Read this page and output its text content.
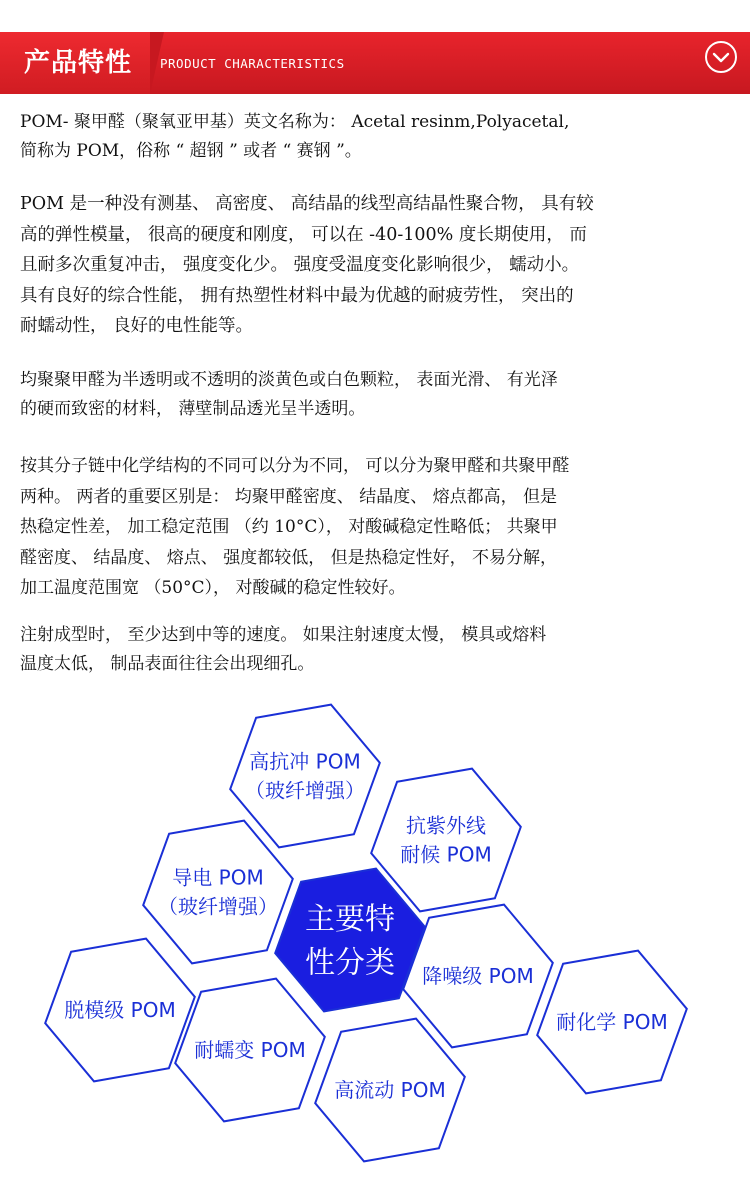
产品特性 PRODUCT CHARACTERISTICS
POM- 聚甲醛（聚氧亚甲基）英文名称为： Acetal resinm,Polyacetal,
简称为 POM，俗称 “ 超钢 ” 或者 “ 赛钢 ”。
POM 是一种没有测基、 高密度、 高结晶的线型高结晶性聚合物， 具有较
高的弹性模量， 很高的硬度和刚度， 可以在 -40-100% 度长期使用， 而
且耐多次重复冲击， 强度变化少。 强度受温度变化影响很少， 蠕动小。
具有良好的综合性能， 拥有热塑性材料中最为优越的耐疲劳性， 突出的
耐蠕动性， 良好的电性能等。
均聚聚甲醛为半透明或不透明的淡黄色或白色颗粒， 表面光滑、 有光泽
的硬而致密的材料， 薄壁制品透光呈半透明。
按其分子链中化学结构的不同可以分为不同， 可以分为聚甲醛和共聚甲醛
两种。 两者的重要区别是： 均聚甲醛密度、 结晶度、 熔点都高， 但是
热稳定性差， 加工稳定范围 （约 10°C）， 对酸碱稳定性略低； 共聚甲
醛密度、 结晶度、 熔点、 强度都较低， 但是热稳定性好， 不易分解，
加工温度范围宽 （50°C）， 对酸碱的稳定性较好。
注射成型时， 至少达到中等的速度。 如果注射速度太慢， 模具或熔料
温度太低， 制品表面往往会出现细孔。
高抗冲 POM
（玻纤增强）
抗紫外线
耐候 POM
导电 POM
（玻纤增强）
降噪级 POM
脱模级 POM
耐蠕变 POM
高流动 POM
耐化学 POM
主要特
性分类
